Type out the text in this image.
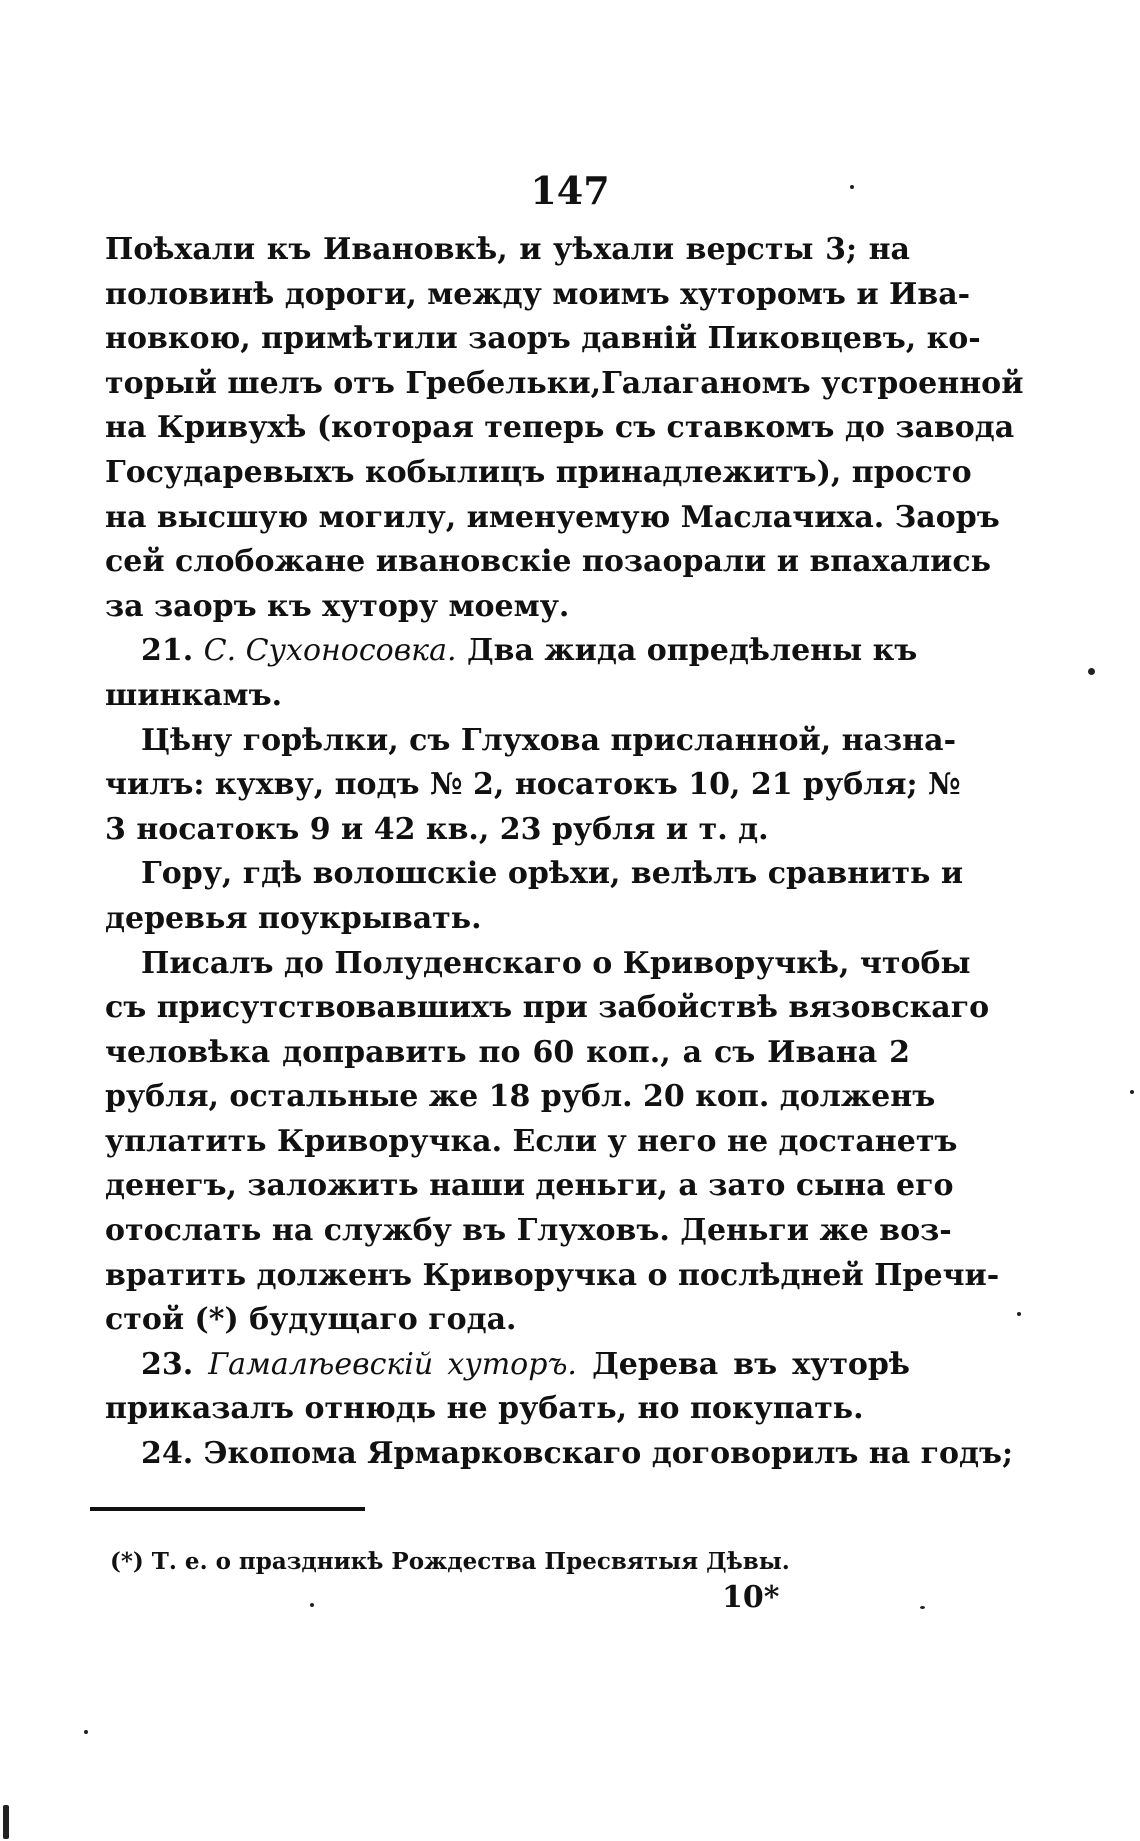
147
Поѣхали къ Ивановкѣ, и уѣхали версты 3; на
половинѣ дороги, между моимъ хуторомъ и Ива-
новкою, примѣтили заоръ давній Пиковцевъ, ко-
торый шелъ отъ Гребельки,Галаганомъ устроенной
на Кривухѣ (которая теперь съ ставкомъ до завода
Государевыхъ кобылицъ принадлежитъ), просто
на высшую могилу, именуемую Маслачиха. Заоръ
сей слобожане ивановскіе позаорали и впахались
за заоръ къ хутору моему.
21. С. Сухоносовка. Два жида опредѣлены къ
шинкамъ.
Цѣну горѣлки, съ Глухова присланной, назна-
чилъ: кухву, подъ № 2, носатокъ 10, 21 рубля; №
3 носатокъ 9 и 42 кв., 23 рубля и т. д.
Гору, гдѣ волошскіе орѣхи, велѣлъ сравнить и
деревья поукрывать.
Писалъ до Полуденскаго о Криворучкѣ, чтобы
съ присутствовавшихъ при забойствѣ вязовскаго
человѣка доправить по 60 коп., а съ Ивана 2
рубля, остальные же 18 рубл. 20 коп. долженъ
уплатить Криворучка. Если у него не достанетъ
денегъ, заложить наши деньги, а зато сына его
отослать на службу въ Глуховъ. Деньги же воз-
вратить долженъ Криворучка о послѣдней Пречи-
стой (*) будущаго года.
23. Гамалѣевскій хуторъ. Дерева въ хуторѣ
приказалъ отнюдь не рубать, но покупать.
24. Экопома Ярмарковскаго договорилъ на годъ;
(*) Т. е. о праздникѣ Рождества Пресвятыя Дѣвы.
10*
